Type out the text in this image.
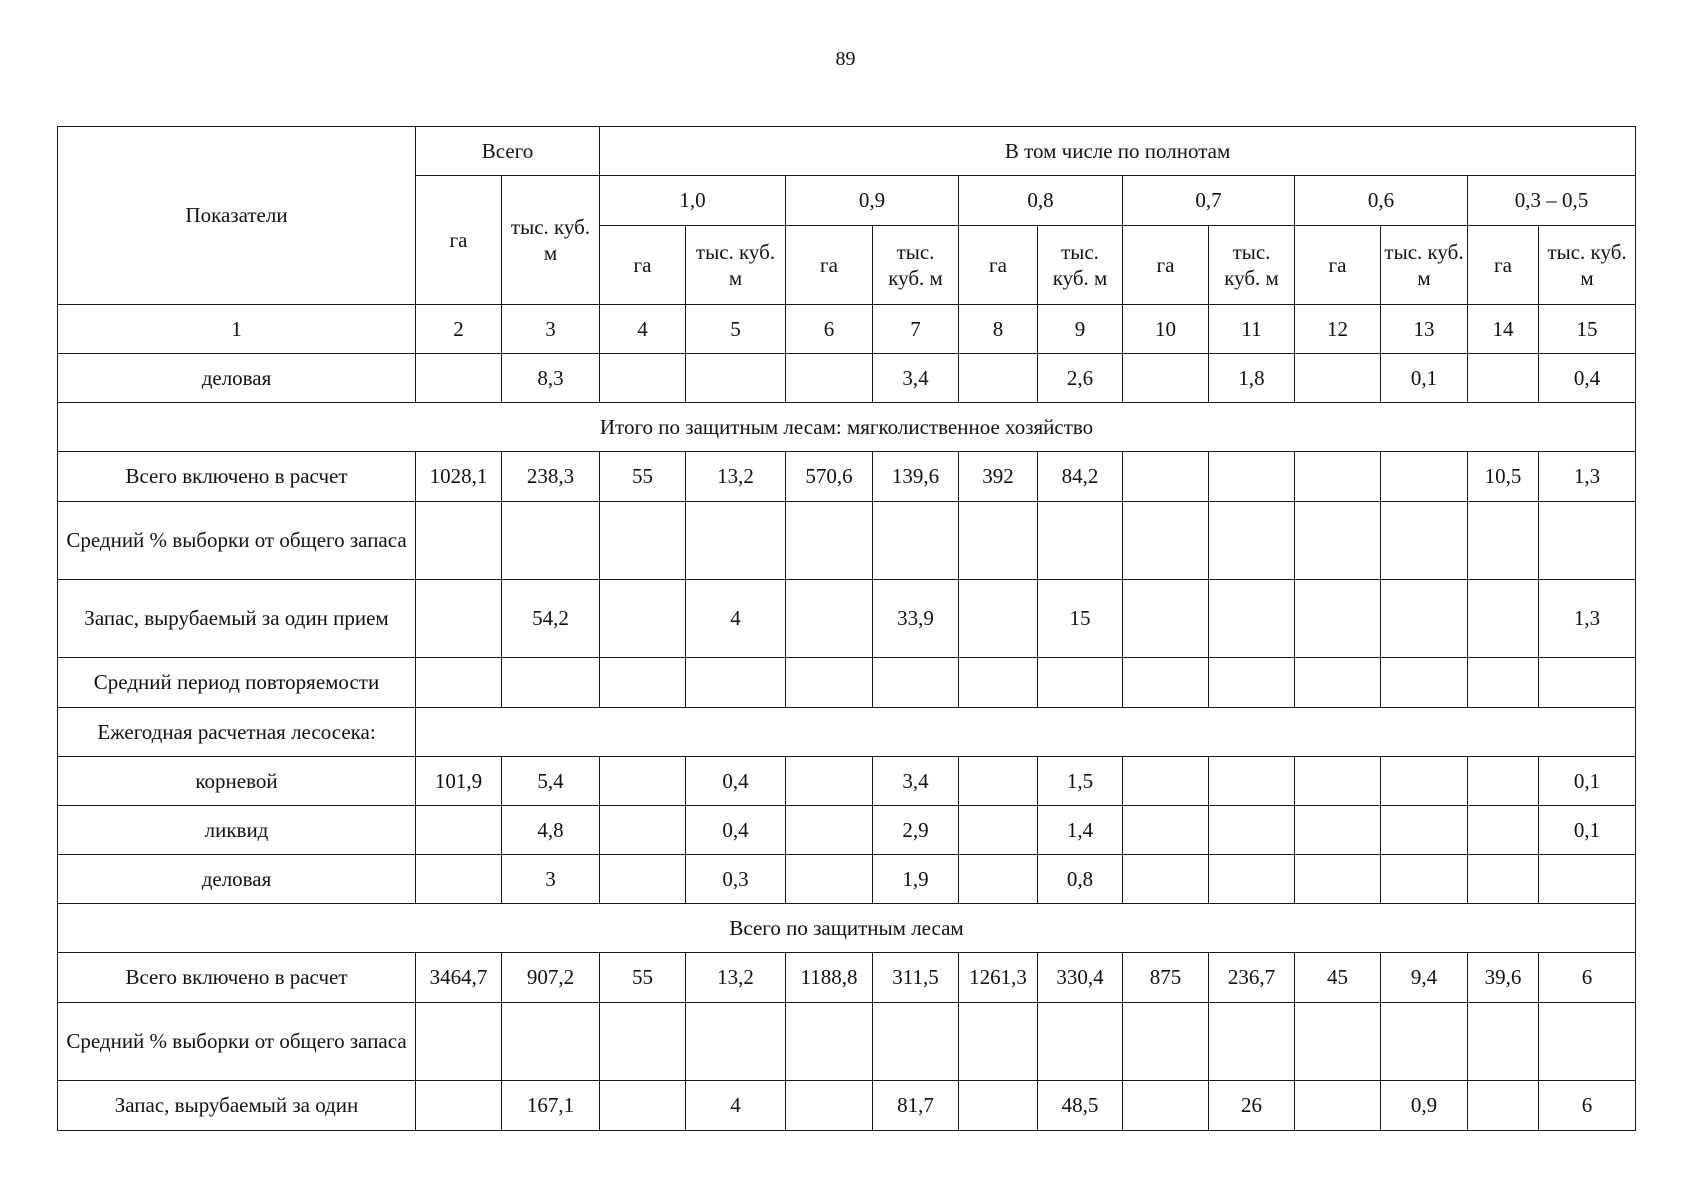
89
Показатели	Всего		В том числе по полнотам											
	га	тыс. куб. м	1,0		0,9		0,8		0,7		0,6		0,3 – 0,5	
			га	тыс. куб. м	га	тыс. куб. м	га	тыс. куб. м	га	тыс. куб. м	га	тыс. куб. м	га	тыс. куб. м
1	2	3	4	5	6	7	8	9	10	11	12	13	14	15
деловая		8,3				3,4		2,6		1,8		0,1		0,4
Итого по защитным лесам: мягколиственное хозяйство														
Всего включено в расчет	1028,1	238,3	55	13,2	570,6	139,6	392	84,2					10,5	1,3
Средний % выборки от общего запаса														
Запас, вырубаемый за один прием		54,2		4		33,9		15						1,3
Средний период повторяемости														
Ежегодная расчетная лесосека:														
корневой	101,9	5,4		0,4		3,4		1,5						0,1
ликвид		4,8		0,4		2,9		1,4						0,1
деловая		3		0,3		1,9		0,8						
Всего по защитным лесам														
Всего включено в расчет	3464,7	907,2	55	13,2	1188,8	311,5	1261,3	330,4	875	236,7	45	9,4	39,6	6
Средний % выборки от общего запаса														
Запас, вырубаемый за один		167,1		4		81,7		48,5		26		0,9		6
